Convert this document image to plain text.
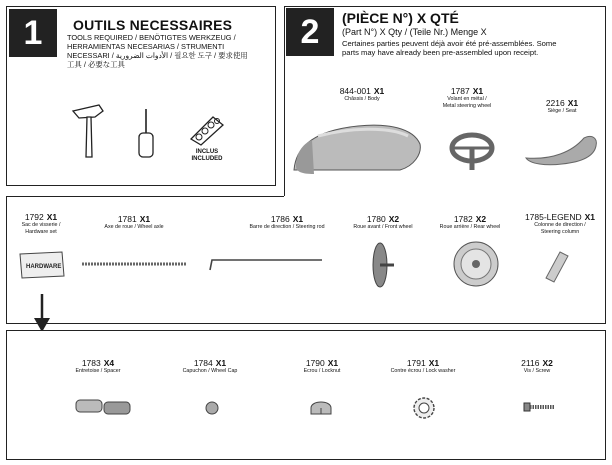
1	OUTILS NECESSAIRES
TOOLS REQUIRED / BENÖTIGTES WERKZEUG /
HERRAMIENTAS NECESARIAS / STRUMENTI
NECESSARI / الأدوات الضرورية / 필요한 도구 / 要求使用
工具 / 必要な工具
INCLUS
INCLUDED
2	(PIÈCE N°) X QTÉ
(Part N°) X Qty / (Teile Nr.) Menge X
Certaines parties peuvent déjà avoir été pré-assemblées. Some
parts may have already been pre-assembled upon receipt.
844-001 X1
Châssis / Body
1787 X1
Volant en métal /
Metal steering wheel	2216 X1
Siège / Seat
1792 X1
Sac de visserie /
Hardware set
HARDWARE
1781 X1
Axe de roue / Wheel axle
1786 X1
Barre de direction / Steering rod
1780 X2
Roue avant / Front wheel
1782 X2
Roue arrière / Rear wheel
1785-LEGEND X1
Colonne de direction /
Steering column
1783 X4
Entretoise / Spacer
1784 X1
Capuchon / Wheel Cap
1790 X1
Ecrou / Locknut
1791 X1
Contre écrou / Lock washer
2116 X2
Vis / Screw
